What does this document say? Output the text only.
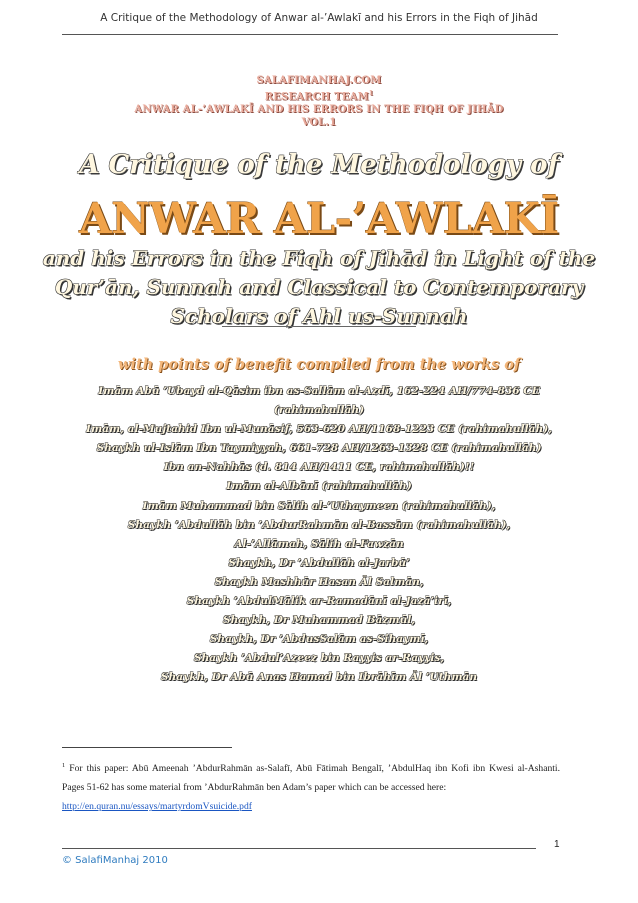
A Critique of the Methodology of Anwar al-’Awlakī and his Errors in the Fiqh of Jihād
SALAFIMANHAJ.COM
RESEARCH TEAM$^1$
ANWAR AL-’AWLAKĪ AND HIS ERRORS IN THE FIQH OF JIHĀD
VOL.1
A Critique of the Methodology of
ANWAR AL-’AWLAKĪ
and his Errors in the Fiqh of Jihād in Light of the Qur’ān, Sunnah and Classical to Contemporary Scholars of Ahl us-Sunnah
with points of benefit compiled from the works of
Imām Abū ’Ubayd al-Qāsim ibn as-Sallām al-Azdī, 162-224 AH/774-836 CE
(rahimahullāh)
Imām, al-Mujtahid Ibn ul-Munāsif, 563-620 AH/1168-1223 CE (rahimahullāh),
Shaykh ul-Islām Ibn Taymiyyah, 661-728 AH/1263-1328 CE (rahimahullāh)
Ibn an-Nahhās (d. 814 AH/1411 CE, rahimahullāh)!!
Imām al-Albānī (rahimahullāh)
Imām Muhammad bin Sālih al-’Uthaymeen (rahimahullāh),
Shaykh ’Abdullāh bin ’AbdurRahmān al-Bassām (rahimahullāh),
Al-’Allāmah, Sālih al-Fawzān
Shaykh, Dr ’Abdullāh al-Jarbū’
Shaykh Mashhūr Hasan Āl Salmān,
Shaykh ’AbdulMālik ar-Ramadānī al-Jazā’irī,
Shaykh, Dr Muhammad Bāzmūl,
Shaykh, Dr ’AbdusSalām as-Sihaymī,
Shaykh ’Abdul’Azeez bin Rayyis ar-Rayyis,
Shaykh, Dr Abū Anas Hamad bin Ibrāhīm Āl ’Uthmān
$^1$ For this paper: Abū Ameenah ’AbdurRahmān as-Salafī, Abū Fātimah Bengalī, ’AbdulHaq ibn Kofi ibn Kwesi al-Ashanti. Pages 51-62 has some material from ’AbdurRahmān ben Adam’s paper which can be accessed here:
http://en.quran.nu/essays/martyrdomVsuicide.pdf
1
© SalafiManhaj 2010
